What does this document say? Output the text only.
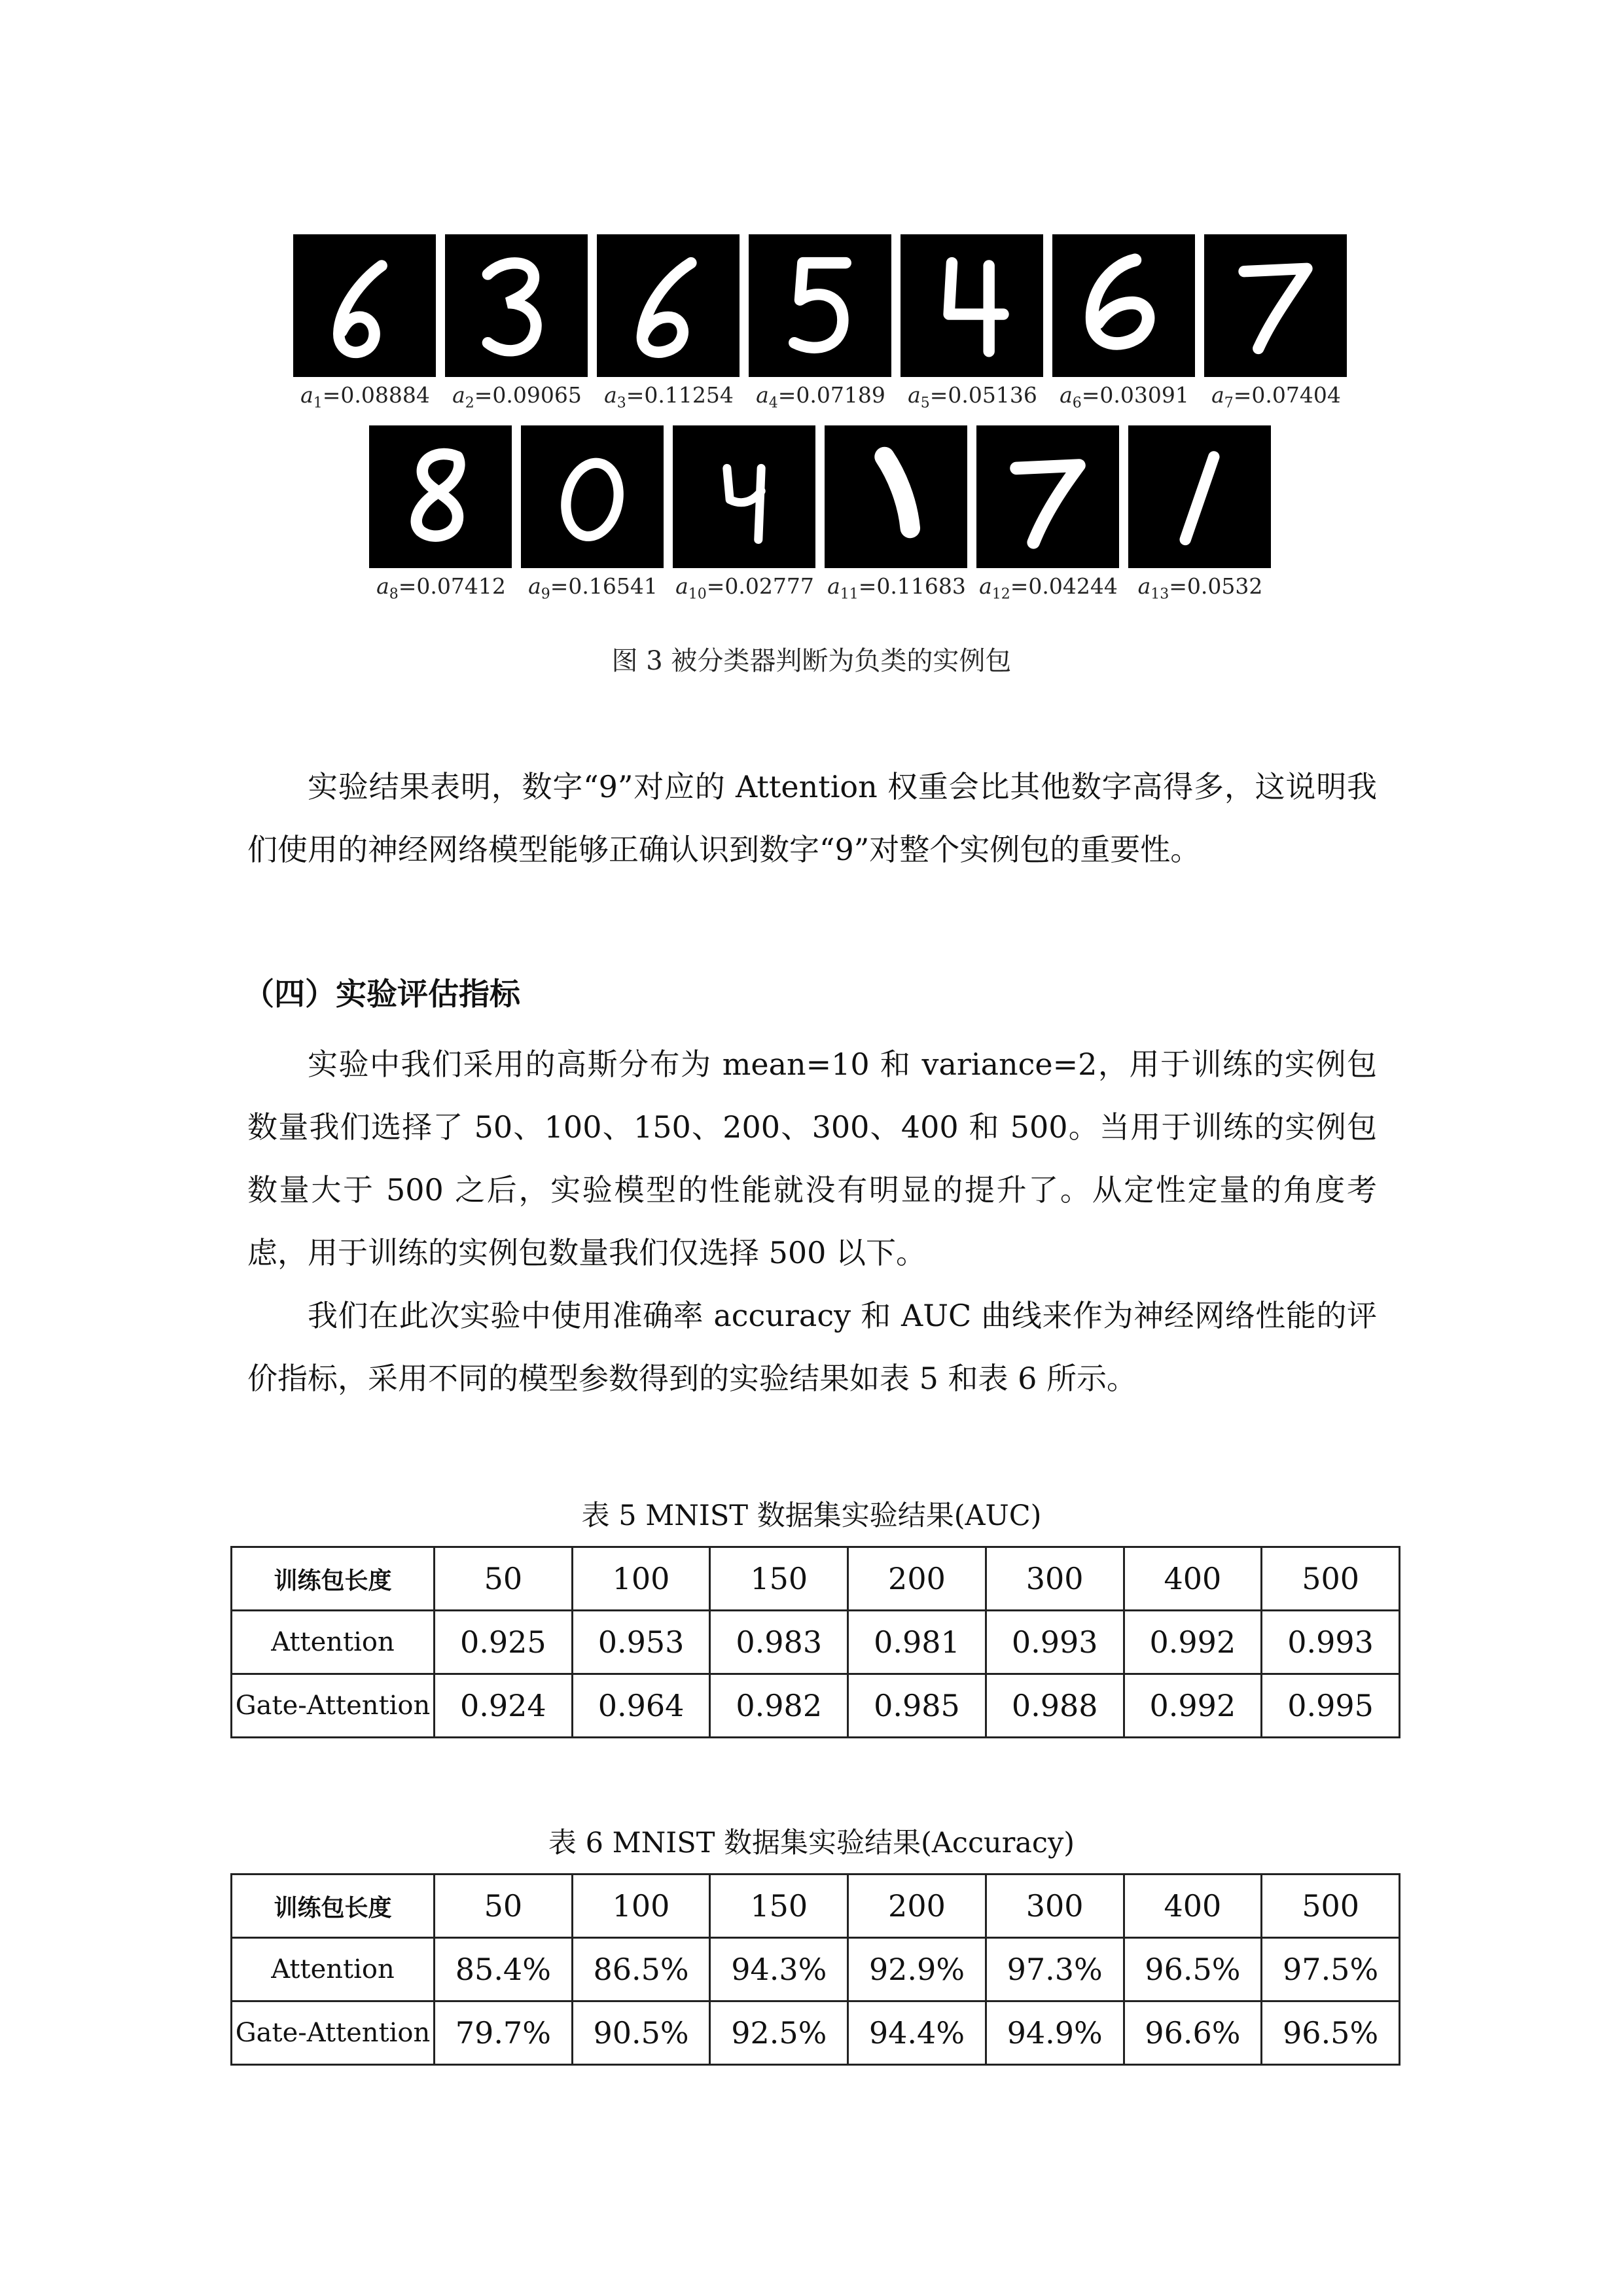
$a_1=0.08884$	$a_2=0.09065$	$a_3=0.11254$	$a_4=0.07189$	$a_5=0.05136$	$a_6=0.03091$	$a_7=0.07404$
$a_8=0.07412$	$a_9=0.16541$ $a_{10}=0.02777$ $a_{11}=0.11683$ $a_{12}=0.04244$ $a_{13}=0.0532$
图 3 被分类器判断为负类的实例包

实验结果表明，数字“9”对应的 Attention 权重会比其他数字高得多，这说明我们使用的神经网络模型能够正确认识到数字“9”对整个实例包的重要性。

（四）实验评估指标

实验中我们采用的高斯分布为 mean=10 和 variance=2，用于训练的实例包数量我们选择了 50、100、150、200、300、400 和 500。当用于训练的实例包数量大于 500 之后，实验模型的性能就没有明显的提升了。从定性定量的角度考虑，用于训练的实例包数量我们仅选择 500 以下。

我们在此次实验中使用准确率 accuracy 和 AUC 曲线来作为神经网络性能的评价指标，采用不同的模型参数得到的实验结果如表 5 和表 6 所示。

表 5 MNIST 数据集实验结果(AUC)
训练包长度	50	100	150	200	300	400	500
Attention	0.925	0.953	0.983	0.981	0.993	0.992	0.993
Gate-Attention	0.924	0.964	0.982	0.985	0.988	0.992	0.995
表 6 MNIST 数据集实验结果(Accuracy)
训练包长度	50	100	150	200	300	400	500
Attention	85.4%	86.5%	94.3%	92.9%	97.3%	96.5%	97.5%
Gate-Attention	79.7%	90.5%	92.5%	94.4%	94.9%	96.6%	96.5%
